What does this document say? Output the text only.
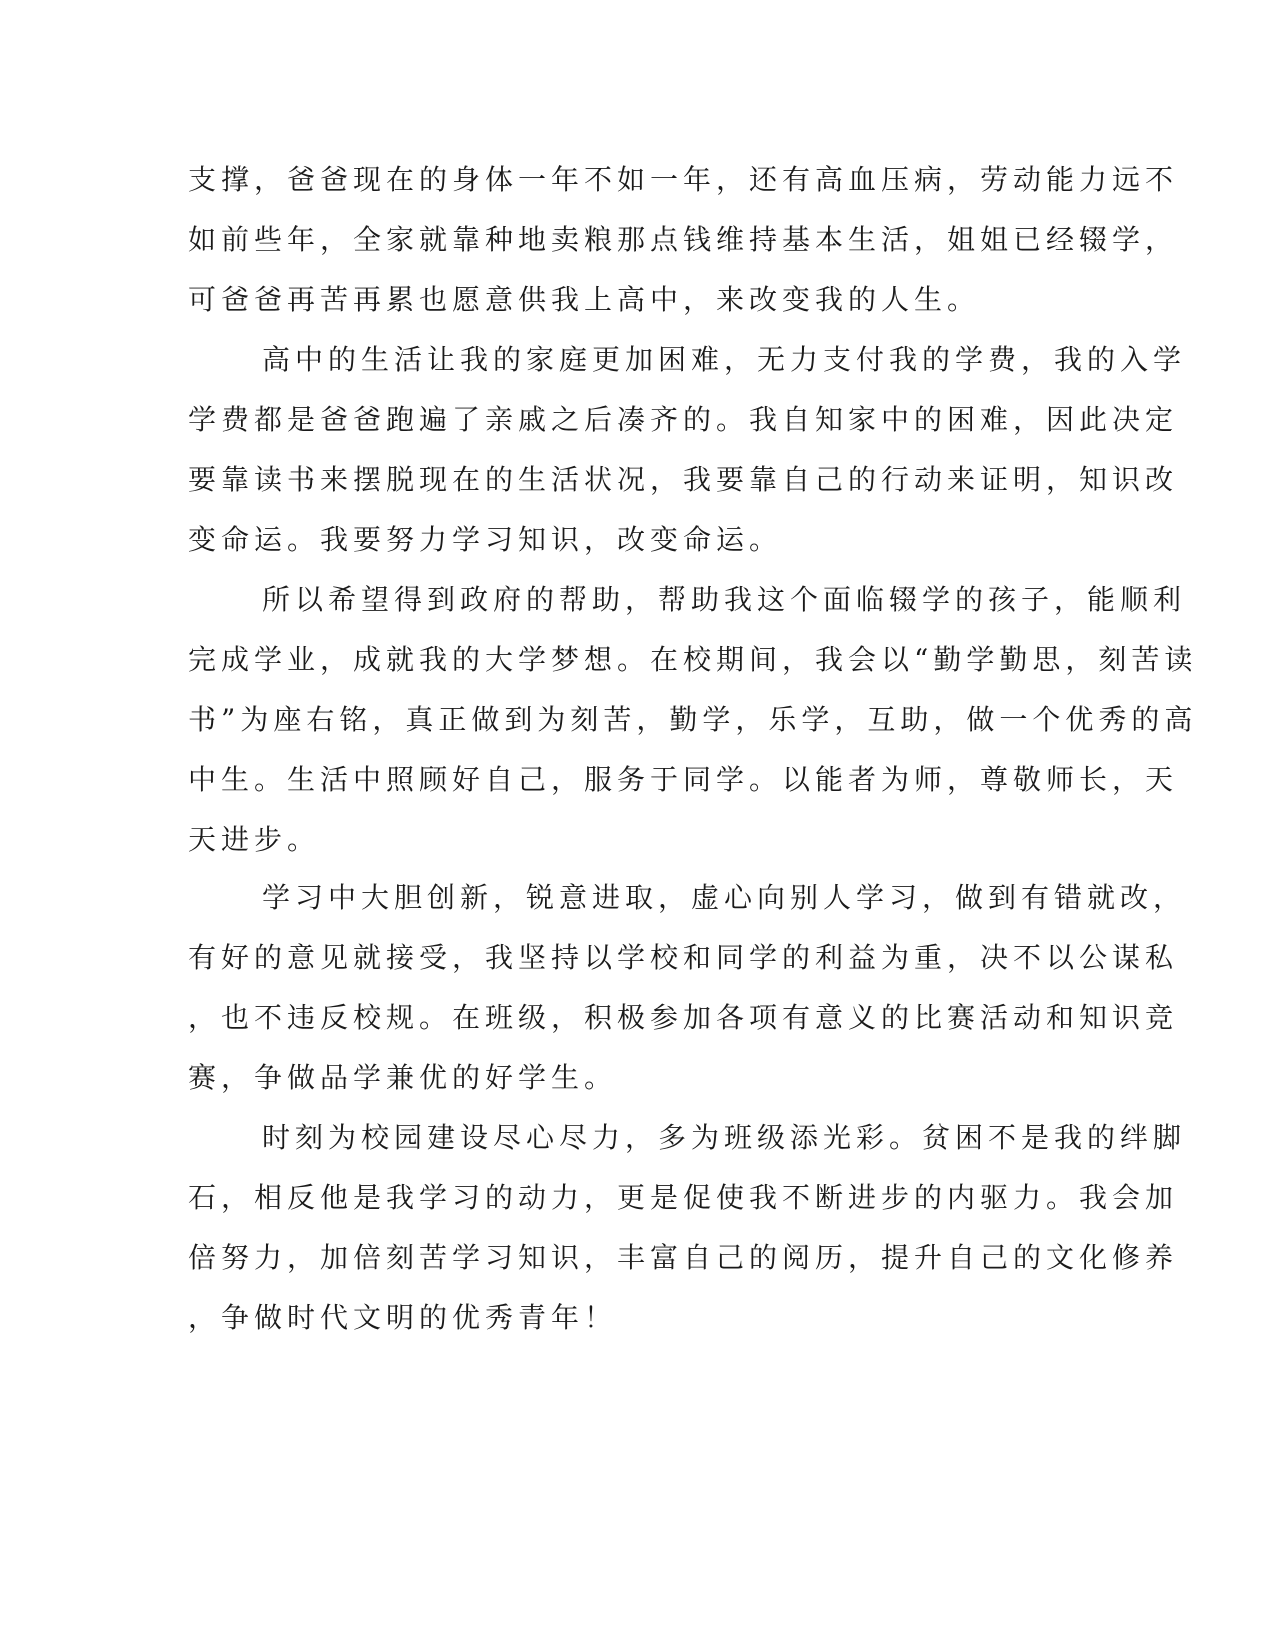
支撑，爸爸现在的身体一年不如一年，还有高血压病，劳动能力远不
如前些年，全家就靠种地卖粮那点钱维持基本生活，姐姐已经辍学，
可爸爸再苦再累也愿意供我上高中，来改变我的人生。
高中的生活让我的家庭更加困难，无力支付我的学费，我的入学
学费都是爸爸跑遍了亲戚之后凑齐的。我自知家中的困难，因此决定
要靠读书来摆脱现在的生活状况，我要靠自己的行动来证明，知识改
变命运。我要努力学习知识，改变命运。
所以希望得到政府的帮助，帮助我这个面临辍学的孩子，能顺利
完成学业，成就我的大学梦想。在校期间，我会以“勤学勤思，刻苦读
书”为座右铭，真正做到为刻苦，勤学，乐学，互助，做一个优秀的高
中生。生活中照顾好自己，服务于同学。以能者为师，尊敬师长，天
天进步。
学习中大胆创新，锐意进取，虚心向别人学习，做到有错就改，
有好的意见就接受，我坚持以学校和同学的利益为重，决不以公谋私
，也不违反校规。在班级，积极参加各项有意义的比赛活动和知识竞
赛，争做品学兼优的好学生。
时刻为校园建设尽心尽力，多为班级添光彩。贫困不是我的绊脚
石，相反他是我学习的动力，更是促使我不断进步的内驱力。我会加
倍努力，加倍刻苦学习知识，丰富自己的阅历，提升自己的文化修养
，争做时代文明的优秀青年！
